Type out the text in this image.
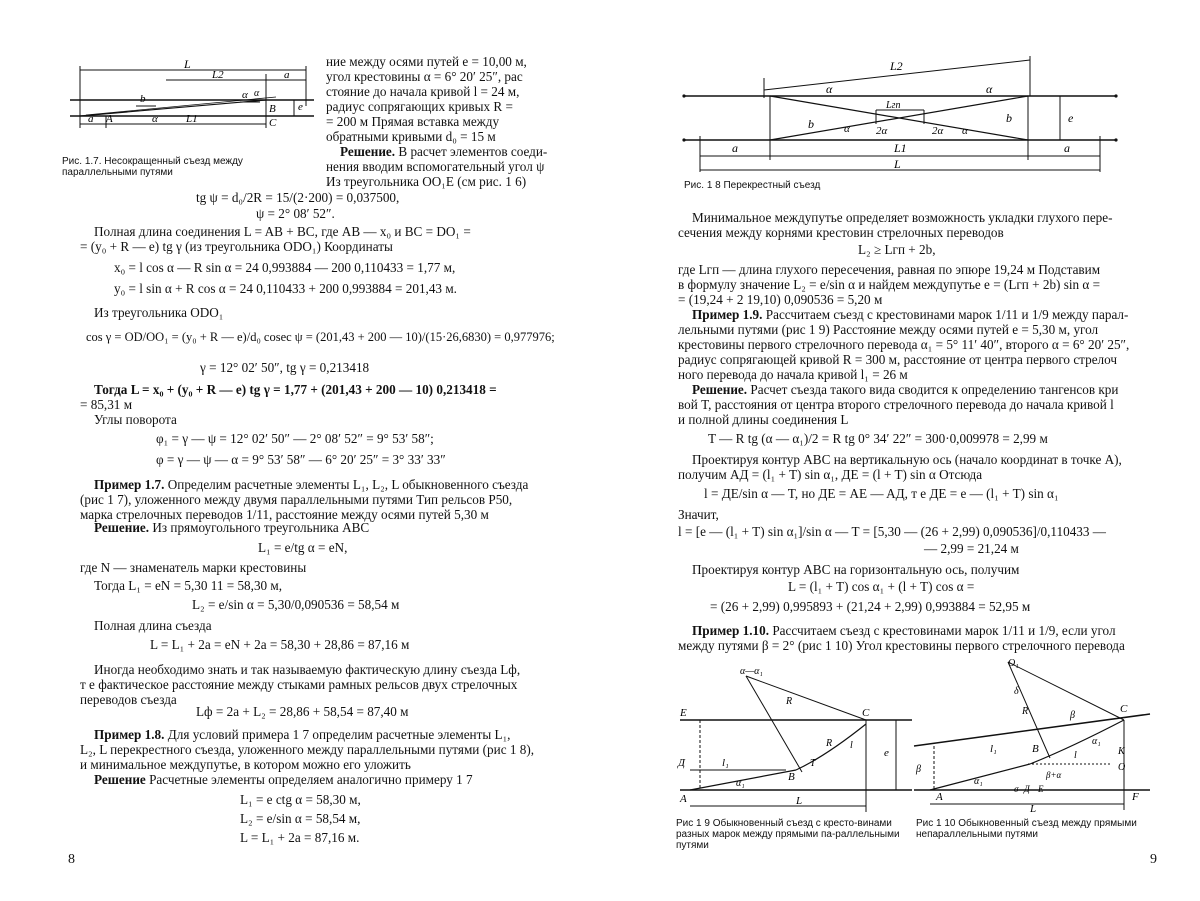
L
L2	a
b
e
α
B
A
a	α	L1	C
α
Рис. 1.7. Несокращенный съезд между параллельными путями
ние между осями путей e = 10,00 м,
угол крестовины α = 6° 20′ 25″, рас
стояние до начала кривой l = 24 м,
радиус сопрягающих кривых R =
= 200 м Прямая вставка между
обратными кривыми d₀ = 15 м
Решение. В расчет элементов соеди-
нения вводим вспомогательный угол ψ
Из треугольника OO₁E (см рис. 1 6)
tg ψ = d₀/2R = 15/(2·200) = 0,037500,
ψ = 2° 08′ 52″.
Полная длина соединения L = AB + BC, где AB — x₀ и BC = DO₁ =
= (y₀ + R — e) tg γ (из треугольника ODO₁) Координаты
x₀ = l cos α — R sin α = 24 0,993884 — 200 0,110433 = 1,77 м,
y₀ = l sin α + R cos α = 24 0,110433 + 200 0,993884 = 201,43 м.
Из треугольника ODO₁
cos γ = OD/OO₁ = (y₀ + R — e)/d₀ cosec ψ = (201,43 + 200 — 10)/(15·26,6830) = 0,977976;
γ = 12° 02′ 50″, tg γ = 0,213418
Тогда L = x₀ + (y₀ + R — e) tg γ = 1,77 + (201,43 + 200 — 10) 0,213418 =
= 85,31 м
Углы поворота
φ₁ = γ — ψ = 12° 02′ 50″ — 2° 08′ 52″ = 9° 53′ 58″;
φ = γ — ψ — α = 9° 53′ 58″ — 6° 20′ 25″ = 3° 33′ 33″
Пример 1.7. Определим расчетные элементы L₁, L₂, L обыкновенного съезда
(рис 1 7), уложенного между двумя параллельными путями Тип рельсов Р50,
марка стрелочных переводов 1/11, расстояние между осями путей 5,30 м
Решение. Из прямоугольного треугольника ABC
L₁ = e/tg α = eN,
где N — знаменатель марки крестовины
Тогда L₁ = eN = 5,30 11 = 58,30 м,
L₂ = e/sin α = 5,30/0,090536 = 58,54 м
Полная длина съезда
L = L₁ + 2a = eN + 2a = 58,30 + 28,86 = 87,16 м
Иногда необходимо знать и так называемую фактическую длину съезда Lф,
т е фактическое расстояние между стыками рамных рельсов двух стрелочных
переводов съезда
Lф = 2a + L₂ = 28,86 + 58,54 = 87,40 м
Пример 1.8. Для условий примера 1 7 определим расчетные элементы L₁,
L₂, L перекрестного съезда, уложенного между параллельными путями (рис 1 8),
и минимальное междупутье, в котором можно его уложить
Решение Расчетные элементы определяем аналогично примеру 1 7
L₁ = e ctg α = 58,30 м,
L₂ = e/sin α = 58,54 м,
L = L₁ + 2a = 87,16 м.
8
L2
α
Lгп
α
b	e
b
α 2α	2α α
a	L1	a
L
Рис. 1 8 Перекрестный съезд
Минимальное междупутье определяет возможность укладки глухого пере-
сечения между корнями крестовин стрелочных переводов
L₂ ≥ Lгп + 2b,
где Lгп — длина глухого пересечения, равная по эпюре 19,24 м Подставим
в формулу значение L₂ = e/sin α и найдем междупутье e = (Lгп + 2b) sin α =
= (19,24 + 2 19,10) 0,090536 = 5,20 м
Пример 1.9. Рассчитаем съезд с крестовинами марок 1/11 и 1/9 между парал-
лельными путями (рис 1 9) Расстояние между осями путей e = 5,30 м, угол
крестовины первого стрелочного перевода α₁ = 5° 11′ 40″, второго α = 6° 20′ 25″,
радиус сопрягающей кривой R = 300 м, расстояние от центра первого стрелоч
ного перевода до начала кривой l₁ = 26 м
Решение. Расчет съезда такого вида сводится к определению тангенсов кри
вой T, расстояния от центра второго стрелочного перевода до начала кривой l
и полной длины соединения L
T — R tg (α — α₁)/2 = R tg 0° 34′ 22″ = 300·0,009978 = 2,99 м
Проектируя контур ABC на вертикальную ось (начало координат в точке A),
получим AД = (l₁ + T) sin α₁, ДЕ = (l + T) sin α Отсюда
l = ДЕ/sin α — T, но ДЕ = AE — AД, т е ДЕ = e — (l₁ + T) sin α₁
Значит,
l = [e — (l₁ + T) sin α₁]/sin α — T = [5,30 — (26 + 2,99) 0,090536]/0,110433 —
— 2,99 = 21,24 м
Проектируя контур ABC на горизонтальную ось, получим
L = (l₁ + T) cos α₁ + (l + T) cos α =
= (26 + 2,99) 0,995893 + (21,24 + 2,99) 0,993884 = 52,95 м
Пример 1.10. Рассчитаем съезд с крестовинами марок 1/11 и 1/9, если угол
между путями β = 2° (рис 1 10) Угол крестовины первого стрелочного перевода
α—α₁
R
E	C
Д	l₁
R l
e
A
α₁
B
L
T
Рис 1 9 Обыкновенный съезд с кресто-винами разных марок между прямыми па-раллельными путями
O₁
δ
R	β
C
l₁	B
α₁
K
β	O
l
A
α₁
σ Д E
F
L
β+α
Рис 1 10 Обыкновенный съезд между прямыми непараллельными путями
9
